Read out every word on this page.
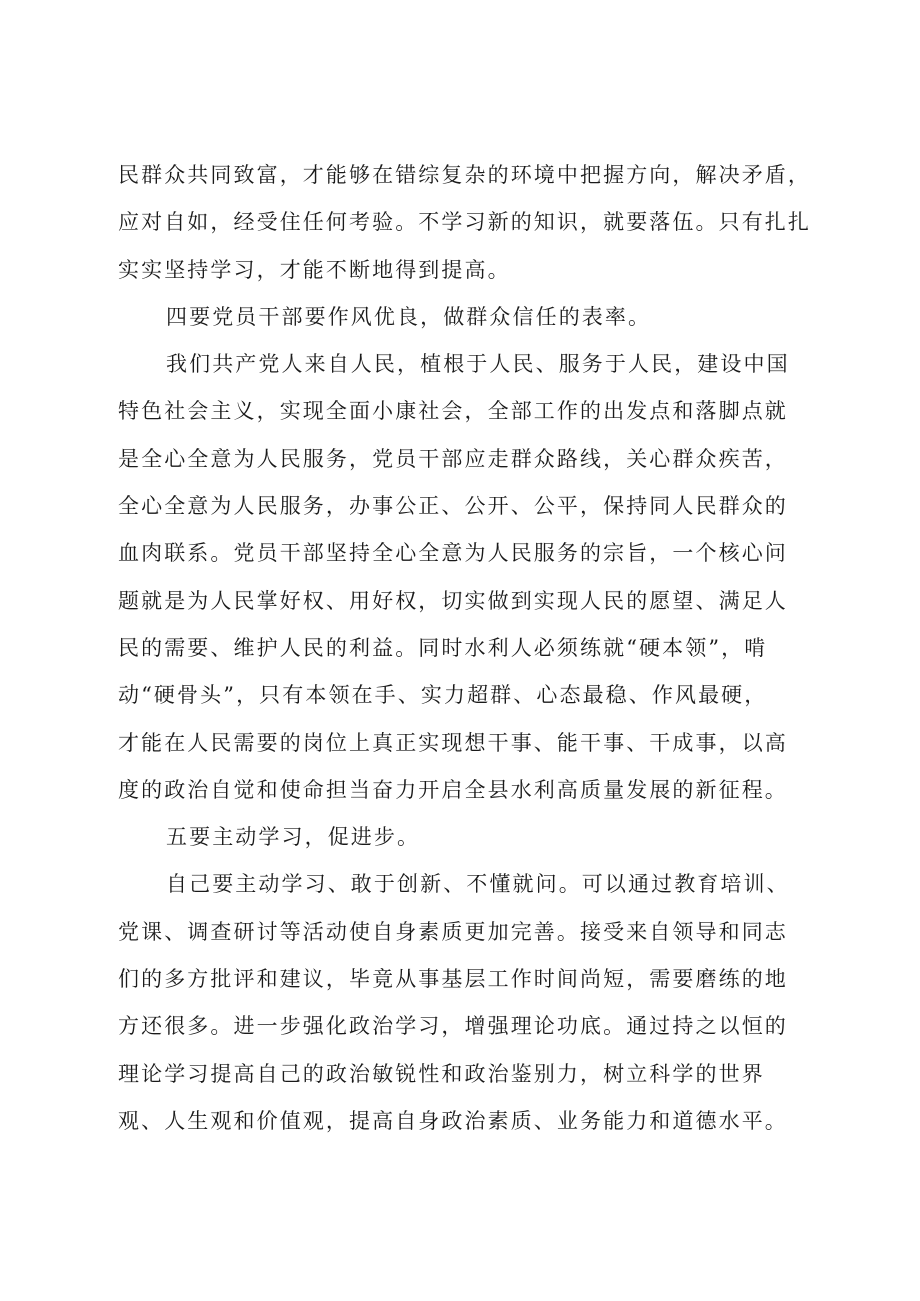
民群众共同致富，才能够在错综复杂的环境中把握方向，解决矛盾，
应对自如，经受住任何考验。不学习新的知识，就要落伍。只有扎扎
实实坚持学习，才能不断地得到提高。
四要党员干部要作风优良，做群众信任的表率。
我们共产党人来自人民，植根于人民、服务于人民，建设中国
特色社会主义，实现全面小康社会，全部工作的出发点和落脚点就
是全心全意为人民服务，党员干部应走群众路线，关心群众疾苦，
全心全意为人民服务，办事公正、公开、公平，保持同人民群众的
血肉联系。党员干部坚持全心全意为人民服务的宗旨，一个核心问
题就是为人民掌好权、用好权，切实做到实现人民的愿望、满足人
民的需要、维护人民的利益。同时水利人必须练就“硬本领”，啃
动“硬骨头”，只有本领在手、实力超群、心态最稳、作风最硬，
才能在人民需要的岗位上真正实现想干事、能干事、干成事，以高
度的政治自觉和使命担当奋力开启全县水利高质量发展的新征程。
五要主动学习，促进步。
自己要主动学习、敢于创新、不懂就问。可以通过教育培训、
党课、调查研讨等活动使自身素质更加完善。接受来自领导和同志
们的多方批评和建议，毕竟从事基层工作时间尚短，需要磨练的地
方还很多。进一步强化政治学习，增强理论功底。通过持之以恒的
理论学习提高自己的政治敏锐性和政治鉴别力，树立科学的世界
观、人生观和价值观，提高自身政治素质、业务能力和道德水平。
